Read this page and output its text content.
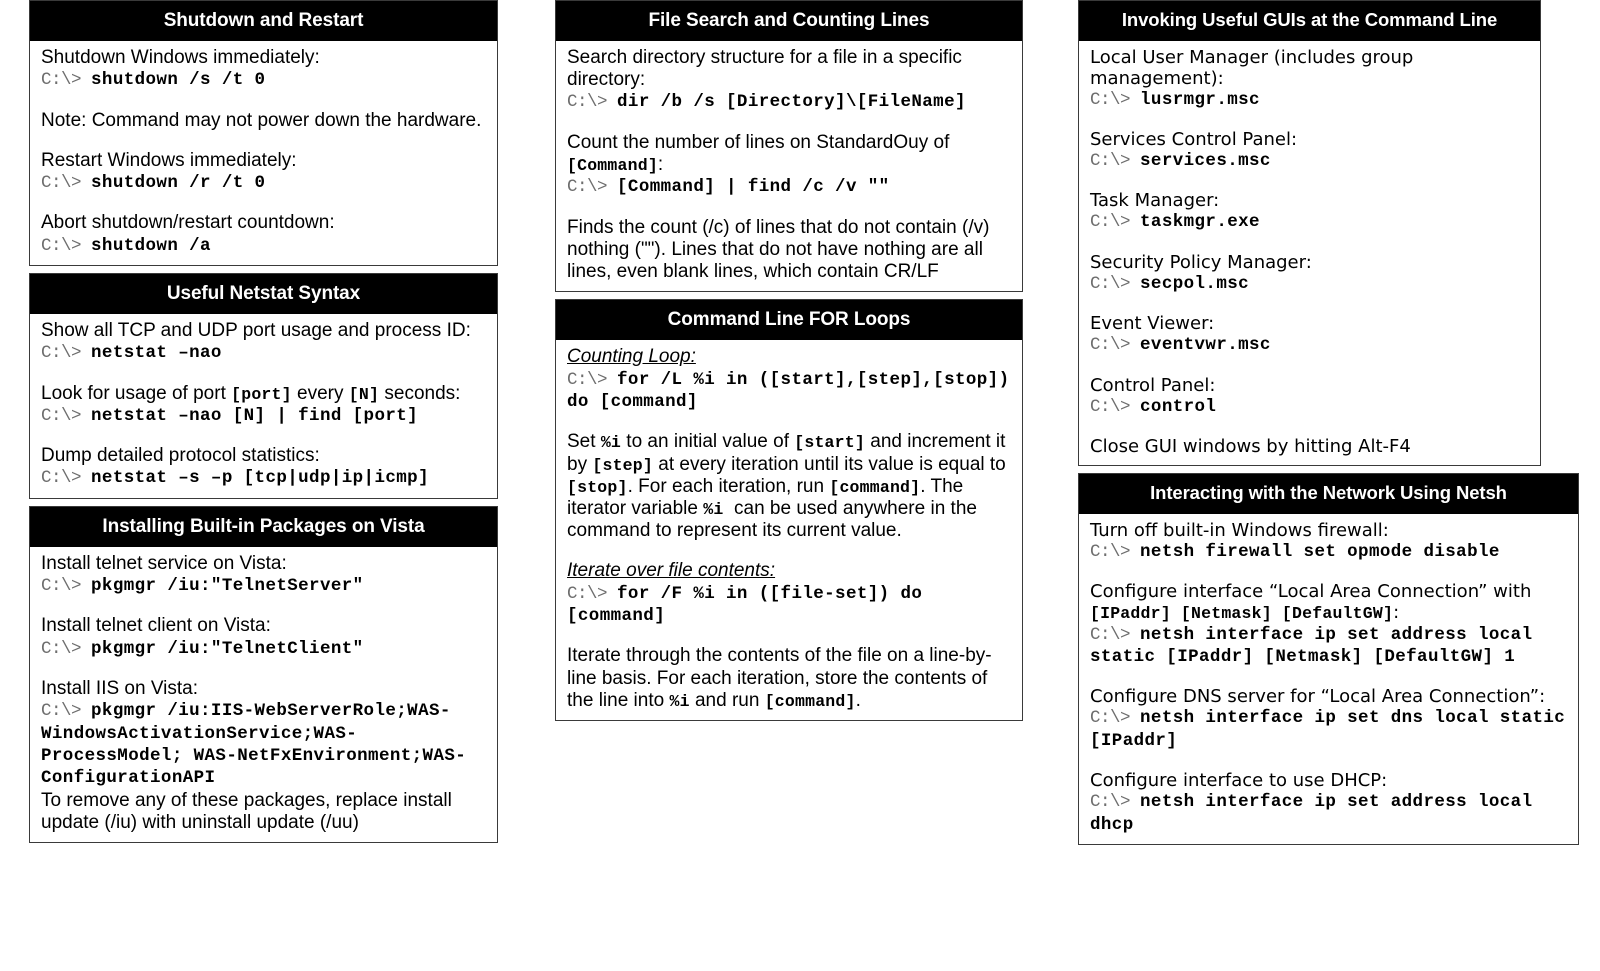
Shutdown and Restart

Shutdown Windows immediately:

C:\> shutdown /s /t 0

Note: Command may not power down the hardware.

Restart Windows immediately:

C:\> shutdown /r /t 0

Abort shutdown/restart countdown:

C:\> shutdown /a

Useful Netstat Syntax

Show all TCP and UDP port usage and process ID:

C:\> netstat –nao

Look for usage of port [port] every [N] seconds:

C:\> netstat –nao [N] | find [port]

Dump detailed protocol statistics:

C:\> netstat –s –p [tcp|udp|ip|icmp]

Installing Built-in Packages on Vista

Install telnet service on Vista:

C:\> pkgmgr /iu:"TelnetServer"

Install telnet client on Vista:

C:\> pkgmgr /iu:"TelnetClient"

Install IIS on Vista:

C:\> pkgmgr /iu:IIS-WebServerRole;WAS-WindowsActivationService;WAS-ProcessModel; WAS-NetFxEnvironment;WAS-ConfigurationAPI

To remove any of these packages, replace install update (/iu) with uninstall update (/uu)

File Search and Counting Lines

Search directory structure for a file in a specific directory:

C:\> dir /b /s [Directory]\[FileName]

Count the number of lines on StandardOuy of [Command]:

C:\> [Command] | find /c /v ""

Finds the count (/c) of lines that do not contain (/v) nothing (""). Lines that do not have nothing are all lines, even blank lines, which contain CR/LF

Command Line FOR Loops

Counting Loop:

C:\> for /L %i in ([start],[step],[stop]) do [command]

Set %i to an initial value of [start] and increment it by [step] at every iteration until its value is equal to [stop]. For each iteration, run [command]. The iterator variable %i  can be used anywhere in the command to represent its current value.

Iterate over file contents:

C:\> for /F %i in ([file-set]) do [command]

Iterate through the contents of the file on a line-by-line basis. For each iteration, store the contents of the line into %i and run [command].

Invoking Useful GUIs at the Command Line

Local User Manager (includes group management):

C:\> lusrmgr.msc

Services Control Panel:

C:\> services.msc

Task Manager:

C:\> taskmgr.exe

Security Policy Manager:

C:\> secpol.msc

Event Viewer:

C:\> eventvwr.msc

Control Panel:

C:\> control

Close GUI windows by hitting Alt-F4

Interacting with the Network Using Netsh

Turn off built-in Windows firewall:

C:\> netsh firewall set opmode disable

Configure interface “Local Area Connection” with [IPaddr] [Netmask] [DefaultGW]:

C:\> netsh interface ip set address local static [IPaddr] [Netmask] [DefaultGW] 1

Configure DNS server for “Local Area Connection”:

C:\> netsh interface ip set dns local static [IPaddr]

Configure interface to use DHCP:

C:\> netsh interface ip set address local dhcp
